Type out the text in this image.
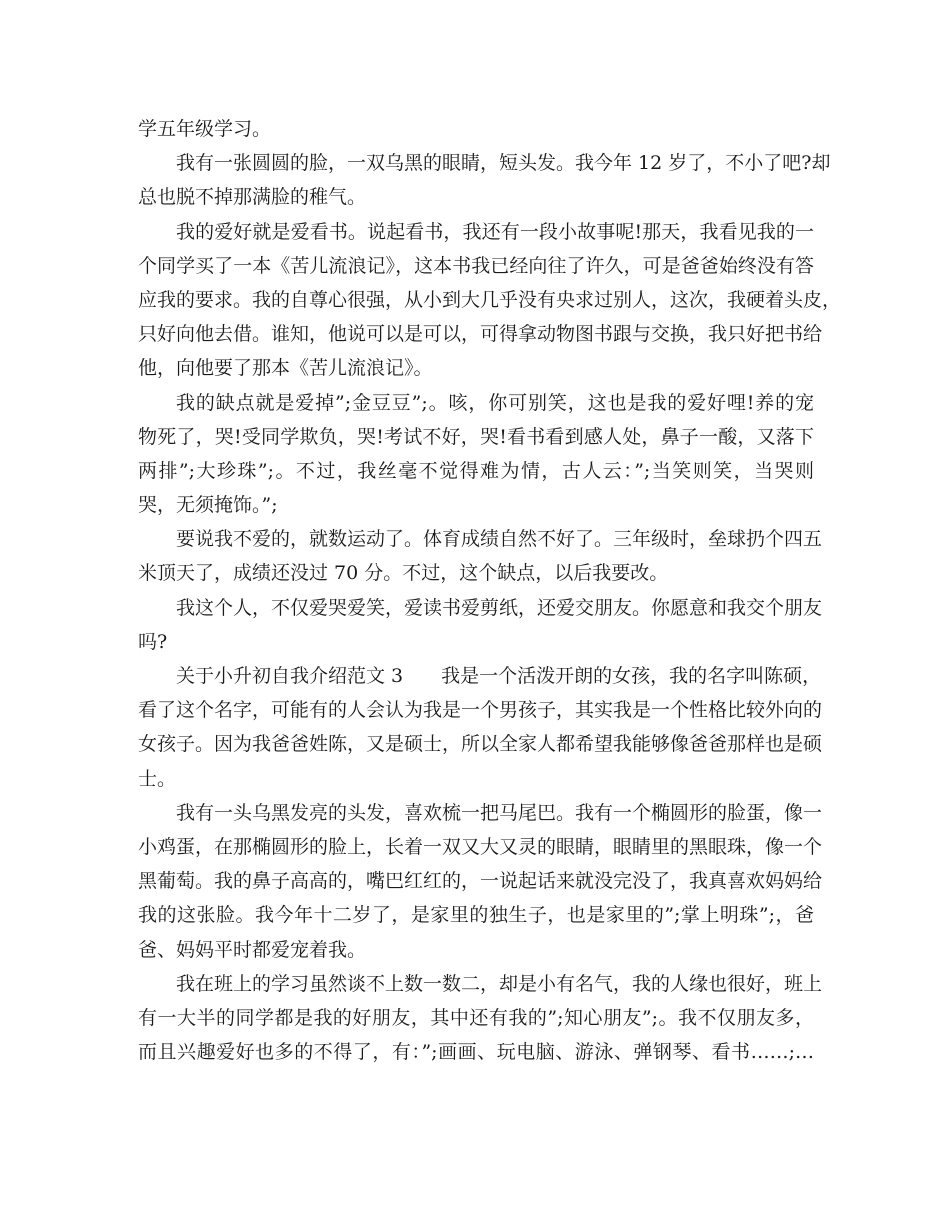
学五年级学习。
我有一张圆圆的脸，一双乌黑的眼睛，短头发。我今年 12 岁了，不小了吧?却
总也脱不掉那满脸的稚气。
我的爱好就是爱看书。说起看书，我还有一段小故事呢!那天，我看见我的一
个同学买了一本《苦儿流浪记》，这本书我已经向往了许久，可是爸爸始终没有答
应我的要求。我的自尊心很强，从小到大几乎没有央求过别人，这次，我硬着头皮，
只好向他去借。谁知，他说可以是可以，可得拿动物图书跟与交换，我只好把书给
他，向他要了那本《苦儿流浪记》。
我的缺点就是爱掉”;金豆豆”;。咳，你可别笑，这也是我的爱好哩!养的宠
物死了，哭!受同学欺负，哭!考试不好，哭!看书看到感人处，鼻子一酸，又落下
两排”;大珍珠”;。不过，我丝毫不觉得难为情，古人云：”;当笑则笑，当哭则
哭，无须掩饰。”;
要说我不爱的，就数运动了。体育成绩自然不好了。三年级时，垒球扔个四五
米顶天了，成绩还没过 70 分。不过，这个缺点，以后我要改。
我这个人，不仅爱哭爱笑，爱读书爱剪纸，还爱交朋友。你愿意和我交个朋友
吗?
关于小升初自我介绍范文 3　　我是一个活泼开朗的女孩，我的名字叫陈硕，
看了这个名字，可能有的人会认为我是一个男孩子，其实我是一个性格比较外向的
女孩子。因为我爸爸姓陈，又是硕士，所以全家人都希望我能够像爸爸那样也是硕
士。
我有一头乌黑发亮的头发，喜欢梳一把马尾巴。我有一个椭圆形的脸蛋，像一
小鸡蛋，在那椭圆形的脸上，长着一双又大又灵的眼睛，眼睛里的黑眼珠，像一个
黑葡萄。我的鼻子高高的，嘴巴红红的，一说起话来就没完没了，我真喜欢妈妈给
我的这张脸。我今年十二岁了，是家里的独生子，也是家里的”;掌上明珠”;，爸
爸、妈妈平时都爱宠着我。
我在班上的学习虽然谈不上数一数二，却是小有名气，我的人缘也很好，班上
有一大半的同学都是我的好朋友，其中还有我的”;知心朋友”;。我不仅朋友多，
而且兴趣爱好也多的不得了，有：”;画画、玩电脑、游泳、弹钢琴、看书……;…
